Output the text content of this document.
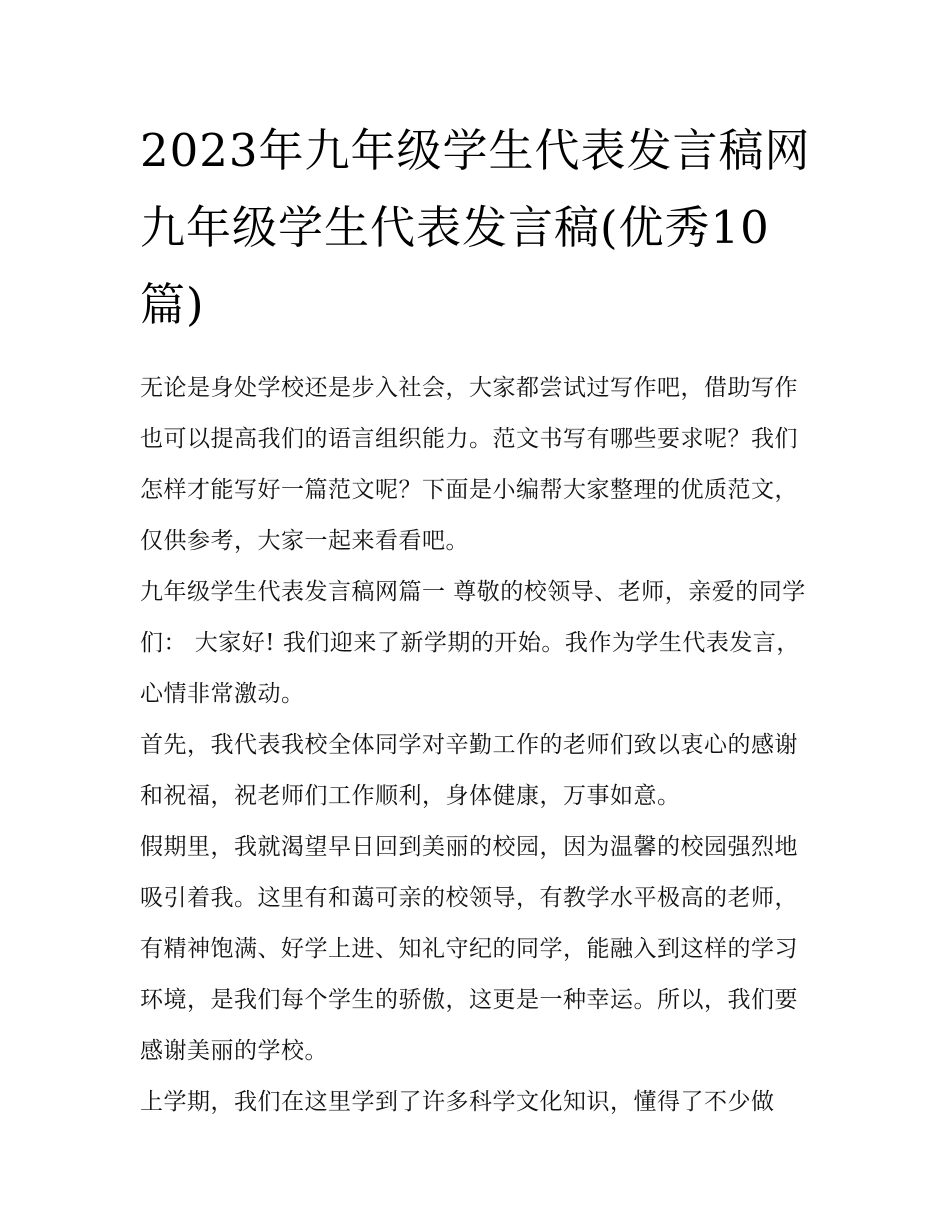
2023年九年级学生代表发言稿网 九年级学生代表发言稿(优秀10篇)

无论是身处学校还是步入社会，大家都尝试过写作吧，借助写作也可以提高我们的语言组织能力。范文书写有哪些要求呢？我们怎样才能写好一篇范文呢？下面是小编帮大家整理的优质范文，仅供参考，大家一起来看看吧。

九年级学生代表发言稿网篇一 尊敬的校领导、老师，亲爱的同学们： 大家好! 我们迎来了新学期的开始。我作为学生代表发言，心情非常激动。

首先，我代表我校全体同学对辛勤工作的老师们致以衷心的感谢和祝福，祝老师们工作顺利，身体健康，万事如意。

假期里，我就渴望早日回到美丽的校园，因为温馨的校园强烈地吸引着我。这里有和蔼可亲的校领导，有教学水平极高的老师，有精神饱满、好学上进、知礼守纪的同学，能融入到这样的学习环境，是我们每个学生的骄傲，这更是一种幸运。所以，我们要感谢美丽的学校。

上学期，我们在这里学到了许多科学文化知识，懂得了不少做
